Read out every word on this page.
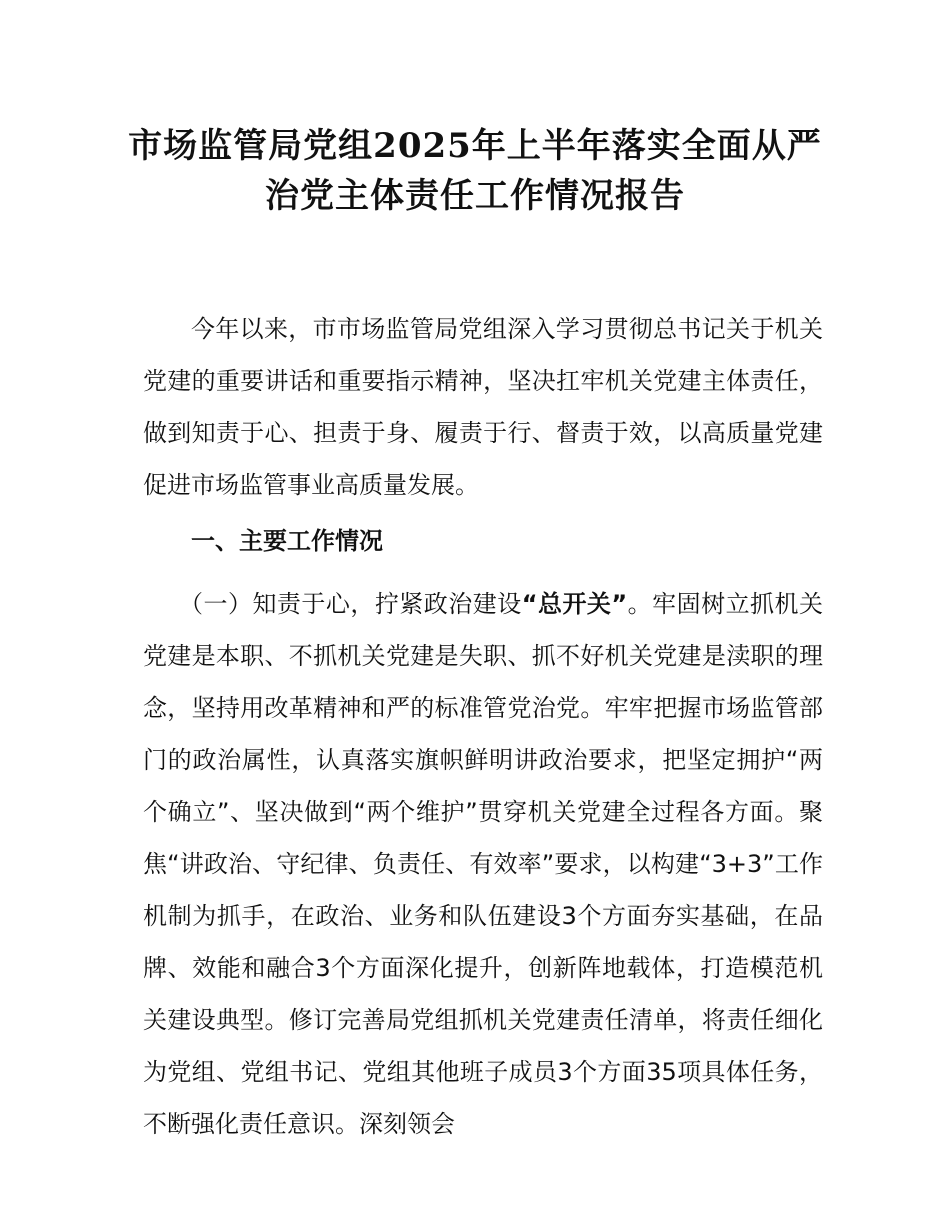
市场监管局党组2025年上半年落实全面从严
治党主体责任工作情况报告

今年以来，市市场监管局党组深入学习贯彻总书记关于机关党建的重要讲话和重要指示精神，坚决扛牢机关党建主体责任，做到知责于心、担责于身、履责于行、督责于效，以高质量党建促进市场监管事业高质量发展。

一、主要工作情况

（一）知责于心，拧紧政治建设“总开关”。牢固树立抓机关党建是本职、不抓机关党建是失职、抓不好机关党建是渎职的理念，坚持用改革精神和严的标准管党治党。牢牢把握市场监管部门的政治属性，认真落实旗帜鲜明讲政治要求，把坚定拥护“两个确立”、坚决做到“两个维护”贯穿机关党建全过程各方面。聚焦“讲政治、守纪律、负责任、有效率”要求，以构建“3+3”工作机制为抓手，在政治、业务和队伍建设3个方面夯实基础，在品牌、效能和融合3个方面深化提升，创新阵地载体，打造模范机关建设典型。修订完善局党组抓机关党建责任清单，将责任细化为党组、党组书记、党组其他班子成员3个方面35项具体任务，不断强化责任意识。深刻领会
